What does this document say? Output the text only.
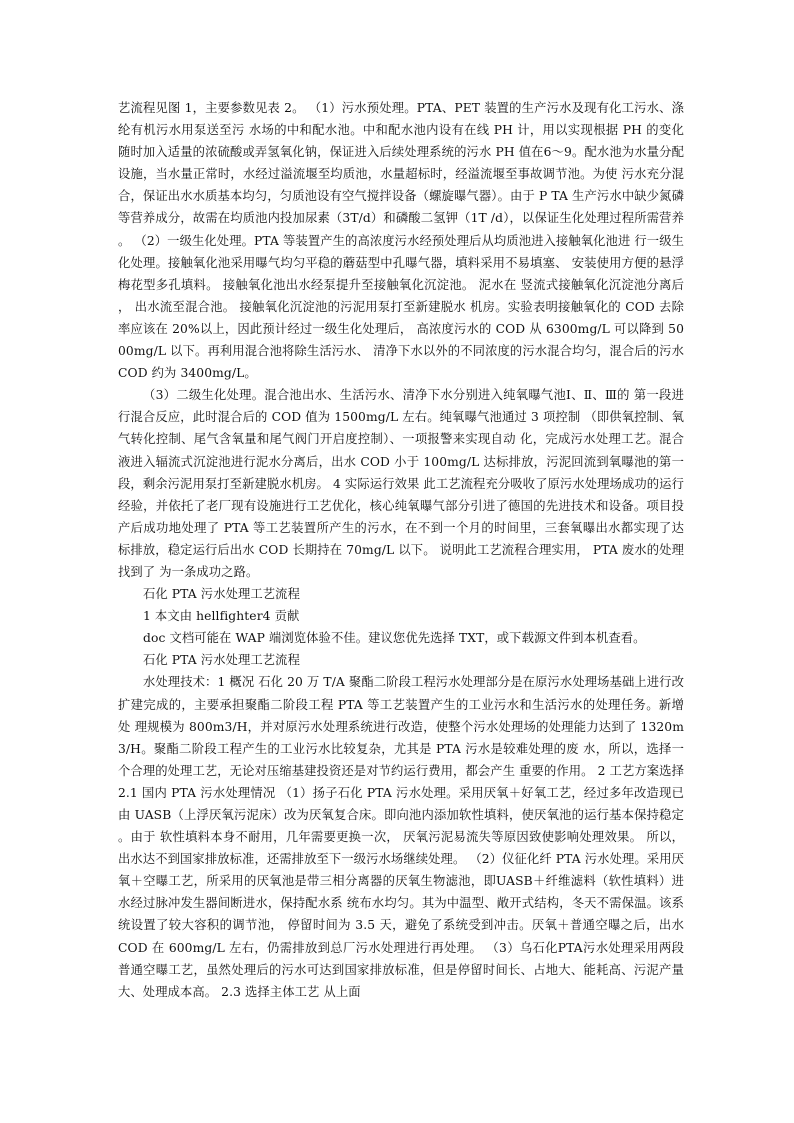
艺流程见图 1，主要参数见表 2。 （1）污水预处理。PTA、PET 装置的生产污水及现有化工污水、涤纶有机污水用泵送至污 水场的中和配水池。中和配水池内设有在线 PH 计，用以实现根据 PH 的变化随时加入适量的浓硫酸或弄氢氧化钠，保证进入后续处理系统的污水 PH 值在6～9。配水池为水量分配设施，当水量正常时，水经过溢流堰至均质池，水量超标时，经溢流堰至事故调节池。为使 污水充分混合，保证出水水质基本均匀，匀质池设有空气搅拌设备（螺旋曝气器）。由于 P TA 生产污水中缺少氮磷等营养成分，故需在均质池内投加尿素（3T/d）和磷酸二氢钾（1T /d），以保证生化处理过程所需营养。 （2）一级生化处理。PTA 等装置产生的高浓度污水经预处理后从均质池进入接触氧化池进 行一级生化处理。接触氧化池采用曝气均匀平稳的蘑菇型中孔曝气器，填料采用不易填塞、 安装使用方便的悬浮梅花型多孔填料。 接触氧化池出水经泵提升至接触氧化沉淀池。 泥水在 竖流式接触氧化沉淀池分离后， 出水流至混合池。 接触氧化沉淀池的污泥用泵打至新建脱水 机房。实验表明接触氧化的 COD 去除率应该在 20%以上，因此预计经过一级生化处理后， 高浓度污水的 COD 从 6300mg/L 可以降到 5000mg/L 以下。再利用混合池将除生活污水、 清净下水以外的不同浓度的污水混合均匀，混合后的污水 COD 约为 3400mg/L。

（3）二级生化处理。混合池出水、生活污水、清净下水分别进入纯氧曝气池Ⅰ、Ⅱ、Ⅲ的 第一段进行混合反应，此时混合后的 COD 值为 1500mg/L 左右。纯氧曝气池通过 3 项控制 （即供氧控制、氧气转化控制、尾气含氧量和尾气阀门开启度控制）、一项报警来实现自动 化，完成污水处理工艺。混合液进入辐流式沉淀池进行泥水分离后，出水 COD 小于 100mg/L 达标排放，污泥回流到氧曝池的第一段，剩余污泥用泵打至新建脱水机房。 4 实际运行效果 此工艺流程充分吸收了原污水处理场成功的运行经验，并依托了老厂现有设施进行工艺优化，核心纯氧曝气部分引进了德国的先进技术和设备。项目投产后成功地处理了 PTA 等工艺装置所产生的污水，在不到一个月的时间里，三套氧曝出水都实现了达标排放，稳定运行后出水 COD 长期持在 70mg/L 以下。 说明此工艺流程合理实用， PTA 废水的处理找到了 为一条成功之路。

石化 PTA 污水处理工艺流程

1 本文由 hellfighter4 贡献

doc 文档可能在 WAP 端浏览体验不佳。建议您优先选择 TXT，或下载源文件到本机查看。

石化 PTA 污水处理工艺流程

水处理技术：1 概况 石化 20 万 T/A 聚酯二阶段工程污水处理部分是在原污水处理场基础上进行改扩建完成的，主要承担聚酯二阶段工程 PTA 等工艺装置产生的工业污水和生活污水的处理任务。新增处 理规模为 800m3/H，并对原污水处理系统进行改造，使整个污水处理场的处理能力达到了 1320m3/H。聚酯二阶段工程产生的工业污水比较复杂，尤其是 PTA 污水是较难处理的废 水，所以，选择一个合理的处理工艺，无论对压缩基建投资还是对节约运行费用，都会产生 重要的作用。 2 工艺方案选择 2.1 国内 PTA 污水处理情况 （1）扬子石化 PTA 污水处理。采用厌氧＋好氧工艺，经过多年改造现已由 UASB（上浮厌氧污泥床）改为厌氧复合床。即向池内添加软性填料，使厌氧池的运行基本保持稳定。由于 软性填料本身不耐用，几年需要更换一次， 厌氧污泥易流失等原因致使影响处理效果。 所以， 出水达不到国家排放标准，还需排放至下一级污水场继续处理。 （2）仪征化纤 PTA 污水处理。采用厌氧＋空曝工艺，所采用的厌氧池是带三相分离器的厌氧生物滤池，即UASB＋纤维滤料（软性填料）进水经过脉冲发生器间断进水，保持配水系 统布水均匀。其为中温型、敞开式结构，冬天不需保温。该系统设置了较大容积的调节池， 停留时间为 3.5 天，避免了系统受到冲击。厌氧＋普通空曝之后，出水 COD 在 600mg/L 左右，仍需排放到总厂污水处理进行再处理。 （3）乌石化PTA污水处理采用两段普通空曝工艺，虽然处理后的污水可达到国家排放标准，但是停留时间长、占地大、能耗高、污泥产量大、处理成本高。 2.3 选择主体工艺 从上面
